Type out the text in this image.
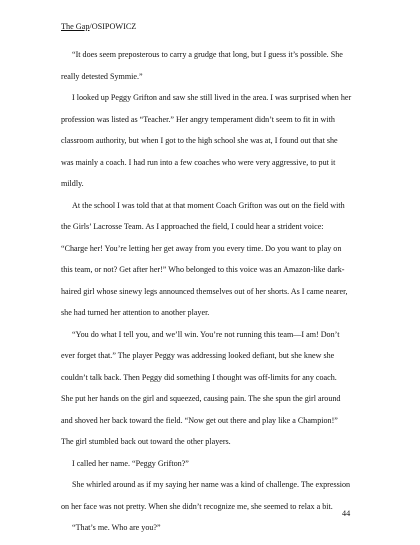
The Gap/OSIPOWICZ
“It does seem preposterous to carry a grudge that long, but I guess it’s possible. She
really detested Symmie.”
I looked up Peggy Grifton and saw she still lived in the area. I was surprised when her
profession was listed as “Teacher.” Her angry temperament didn’t seem to fit in with
classroom authority, but when I got to the high school she was at, I found out that she
was mainly a coach. I had run into a few coaches who were very aggressive, to put it
mildly.
At the school I was told that at that moment Coach Grifton was out on the field with
the Girls’ Lacrosse Team. As I approached the field, I could hear a strident voice:
“Charge her! You’re letting her get away from you every time. Do you want to play on
this team, or not? Get after her!” Who belonged to this voice was an Amazon-like dark-
haired girl whose sinewy legs announced themselves out of her shorts. As I came nearer,
she had turned her attention to another player.
“You do what I tell you, and we’ll win. You’re not running this team—I am! Don’t
ever forget that.” The player Peggy was addressing looked defiant, but she knew she
couldn’t talk back. Then Peggy did something I thought was off-limits for any coach.
She put her hands on the girl and squeezed, causing pain. The she spun the girl around
and shoved her back toward the field. “Now get out there and play like a Champion!”
The girl stumbled back out toward the other players.
I called her name. “Peggy Grifton?”
She whirled around as if my saying her name was a kind of challenge. The expression
on her face was not pretty. When she didn’t recognize me, she seemed to relax a bit.
“That’s me. Who are you?”
44
